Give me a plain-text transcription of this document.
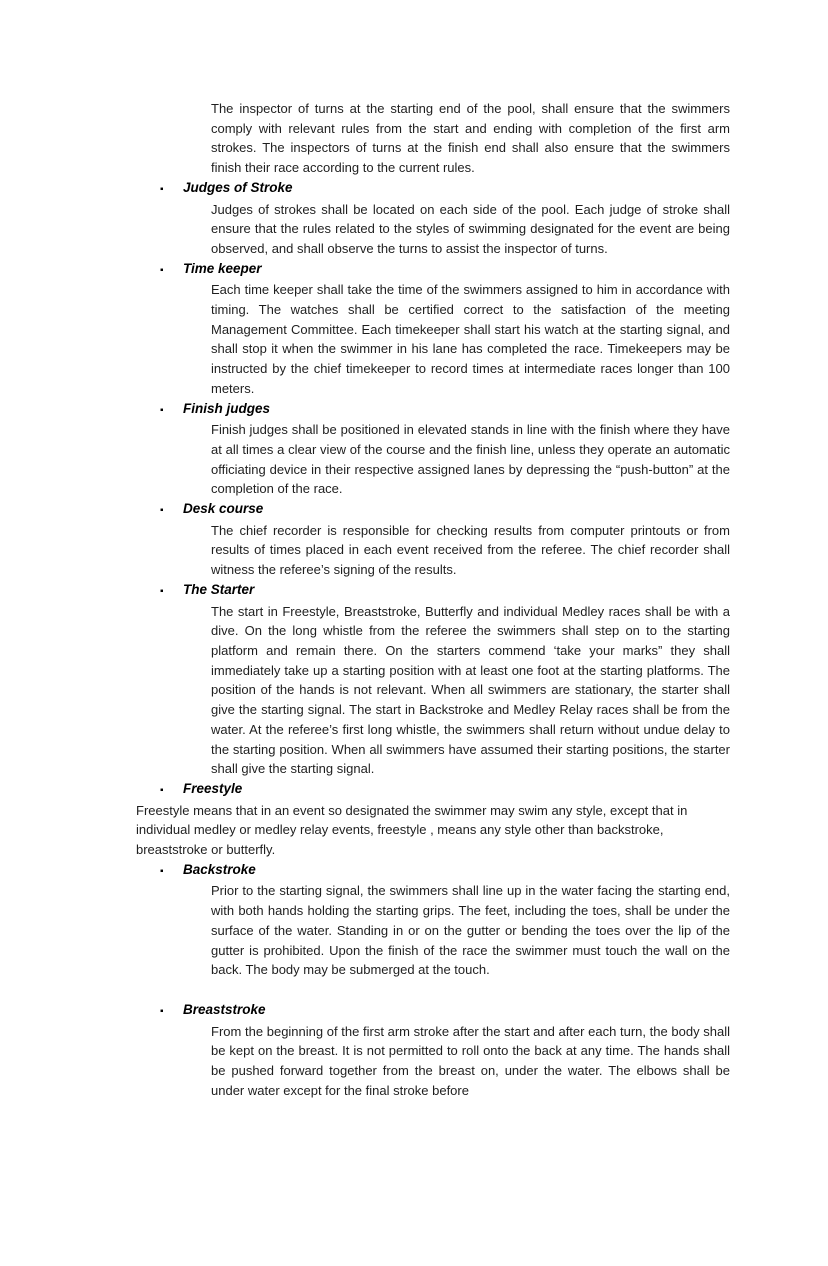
The inspector of turns at the starting end of the pool, shall ensure that the swimmers comply with relevant rules from the start and ending with completion of the first arm strokes. The inspectors of turns at the finish end shall also ensure that the swimmers finish their race according to the current rules.

▪	Judges of Stroke

Judges of strokes shall be located on each side of the pool. Each judge of stroke shall ensure that the rules related to the styles of swimming designated for the event are being observed, and shall observe the turns to assist the inspector of turns.

▪	Time keeper

Each time keeper shall take the time of the swimmers assigned to him in accordance with timing. The watches shall be certified correct to the satisfaction of the meeting Management Committee. Each timekeeper shall start his watch at the starting signal, and shall stop it when the swimmer in his lane has completed the race. Timekeepers may be instructed by the chief timekeeper to record times at intermediate races longer than 100 meters.

▪	Finish judges

Finish judges shall be positioned in elevated stands in line with the finish where they have at all times a clear view of the course and the finish line, unless they operate an automatic officiating device in their respective assigned lanes by depressing the “push-button” at the completion of the race.

▪	Desk course

The chief recorder is responsible for checking results from computer printouts or from results of times placed in each event received from the referee. The chief recorder shall witness the referee’s signing of the results.

▪	The Starter

The start in Freestyle, Breaststroke, Butterfly and individual Medley races shall be with a dive. On the long whistle from the referee the swimmers shall step on to the starting platform and remain there. On the starters commend ‘take your marks” they shall immediately take up a starting position with at least one foot at the starting platforms. The position of the hands is not relevant. When all swimmers are stationary, the starter shall give the starting signal. The start in Backstroke and Medley Relay races shall be from the water. At the referee’s first long whistle, the swimmers shall return without undue delay to the starting position. When all swimmers have assumed their starting positions, the starter shall give the starting signal.

▪	Freestyle

Freestyle means that in an event so designated the swimmer may swim any style, except that in individual medley or medley relay events, freestyle , means any style other than backstroke, breaststroke or butterfly.

▪	Backstroke

Prior to the starting signal, the swimmers shall line up in the water facing the starting end, with both hands holding the starting grips. The feet, including the toes, shall be under the surface of the water. Standing in or on the gutter or bending the toes over the lip of the gutter is prohibited. Upon the finish of the race the swimmer must touch the wall on the back. The body may be submerged at the touch.

▪	Breaststroke

From the beginning of the first arm stroke after the start and after each turn, the body shall be kept on the breast. It is not permitted to roll onto the back at any time. The hands shall be pushed forward together from the breast on, under the water. The elbows shall be under water except for the final stroke before
